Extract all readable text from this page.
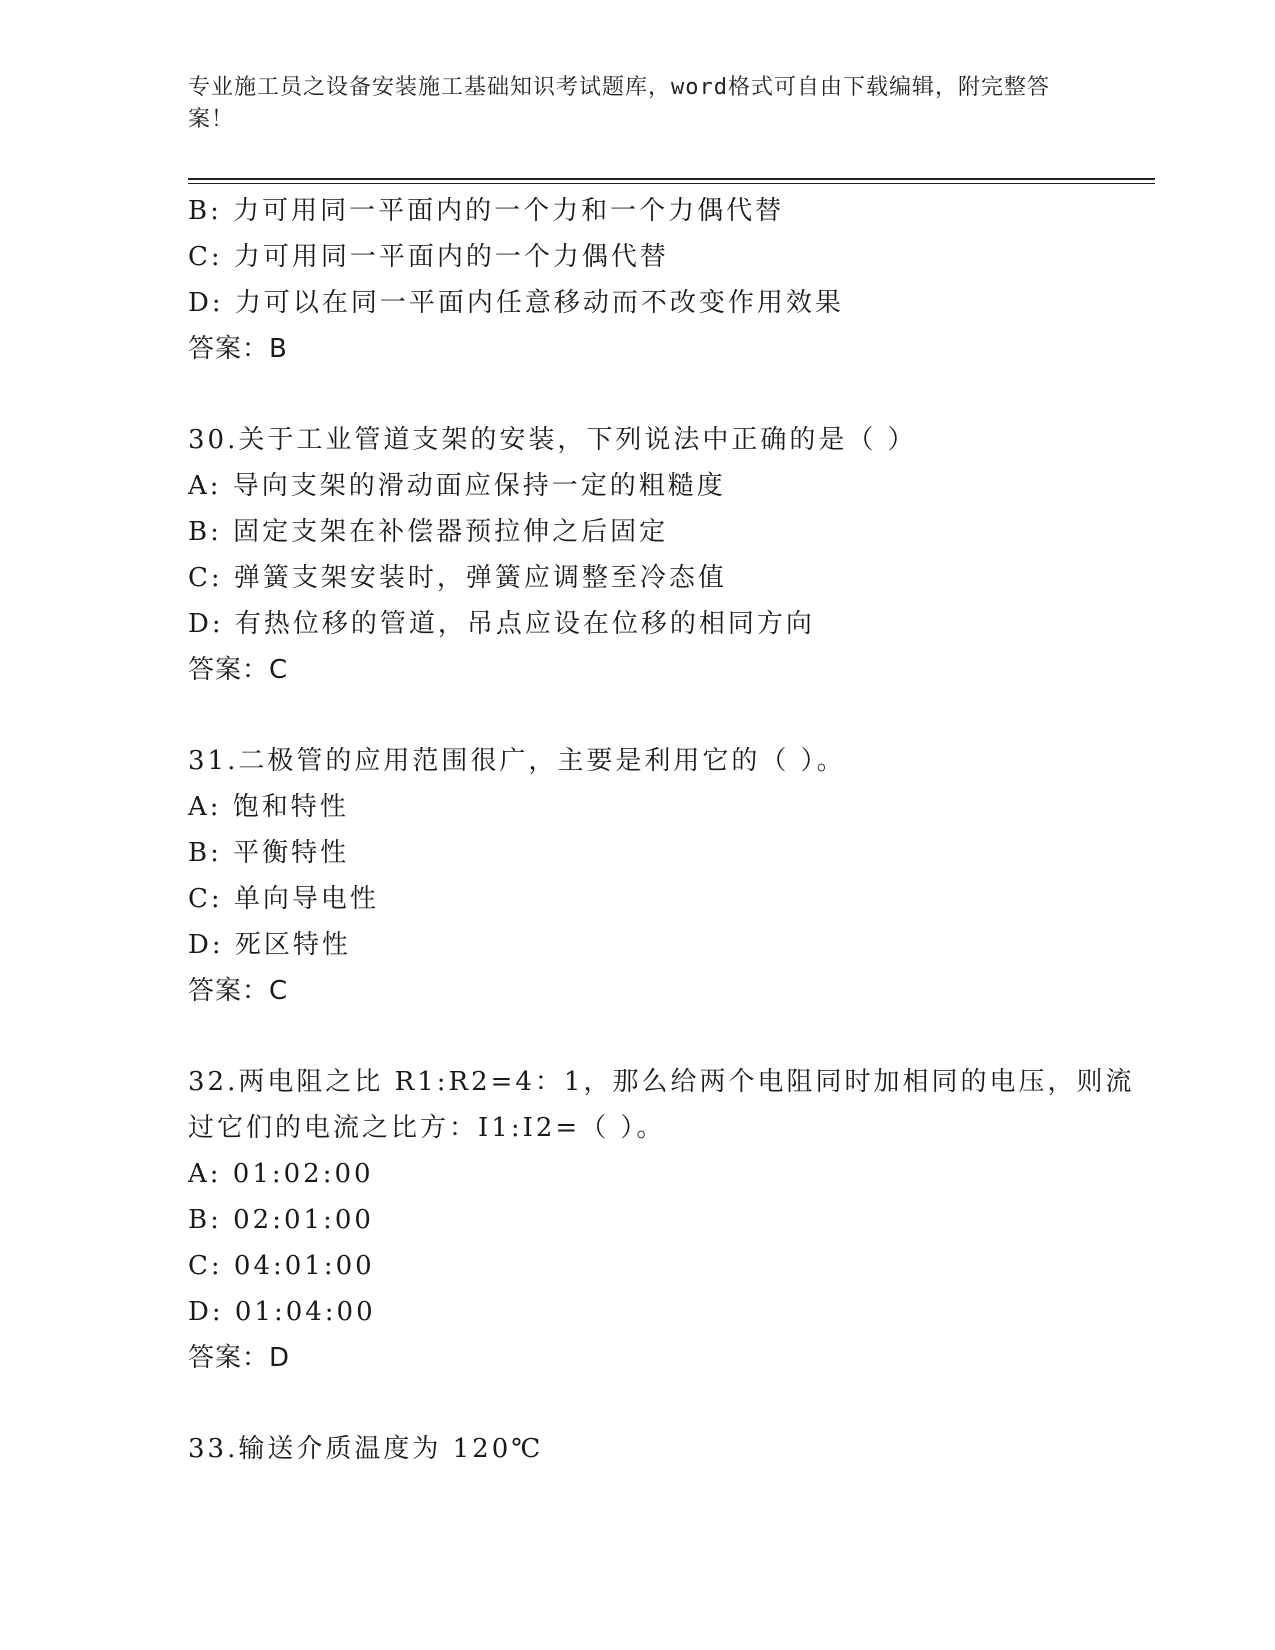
专业施工员之设备安装施工基础知识考试题库，word格式可自由下载编辑，附完整答案！
B: 力可用同一平面内的一个力和一个力偶代替
C: 力可用同一平面内的一个力偶代替
D: 力可以在同一平面内任意移动而不改变作用效果
答案：B
30.关于工业管道支架的安装，下列说法中正确的是（ ）
A: 导向支架的滑动面应保持一定的粗糙度
B: 固定支架在补偿器预拉伸之后固定
C: 弹簧支架安装时，弹簧应调整至冷态值
D: 有热位移的管道，吊点应设在位移的相同方向
答案：C
31.二极管的应用范围很广，主要是利用它的（ ）。
A: 饱和特性
B: 平衡特性
C: 单向导电性
D: 死区特性
答案：C
32.两电阻之比 R1:R2=4：1，那么给两个电阻同时加相同的电压，则流
过它们的电流之比方：I1:I2=（ ）。
A: 01:02:00
B: 02:01:00
C: 04:01:00
D: 01:04:00
答案：D
33.输送介质温度为 120℃
